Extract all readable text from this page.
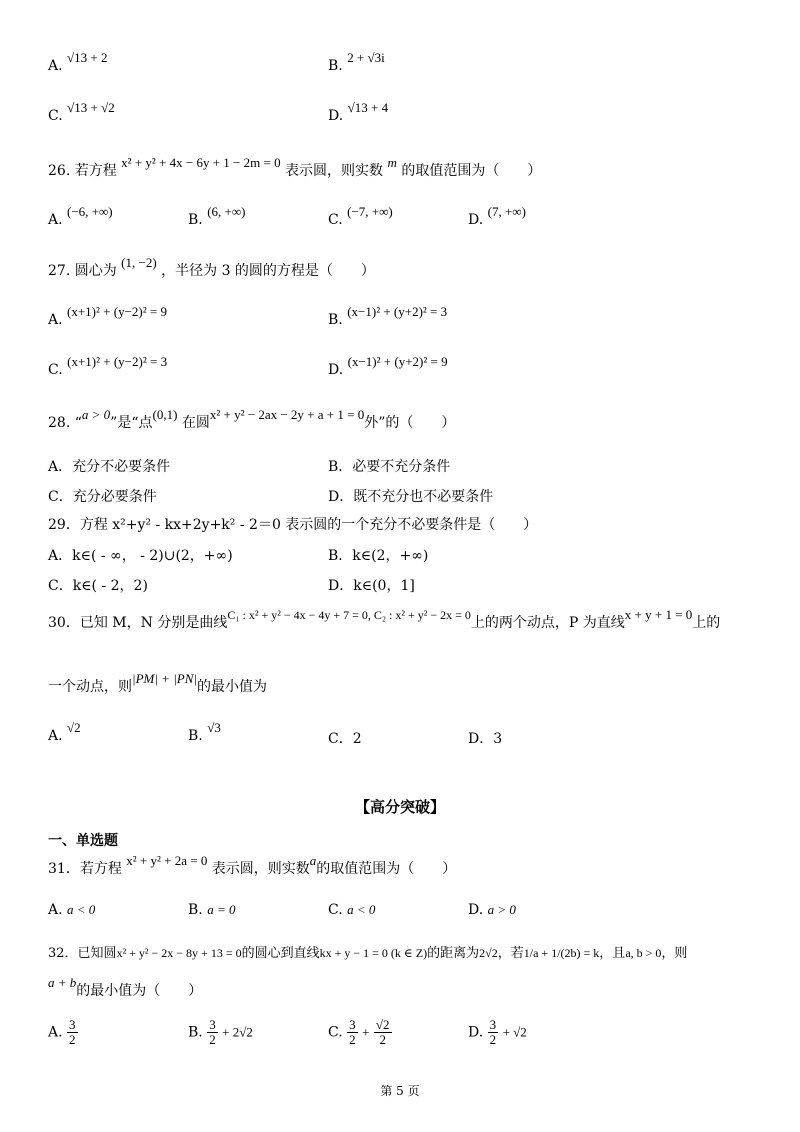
A. √13 + 2
B. 2 + √3i
C. √13 + √2
D. √13 + 4
26. 若方程 x² + y² + 4x − 6y + 1 − 2m = 0 表示圆，则实数 m 的取值范围为（　　）
A. (−6, +∞)
B. (6, +∞)
C. (−7, +∞)
D. (7, +∞)
27. 圆心为 (1, −2) ，半径为 3 的圆的方程是（　　）
A. (x+1)² + (y−2)² = 9
B. (x−1)² + (y+2)² = 3
C. (x+1)² + (y−2)² = 3
D. (x−1)² + (y+2)² = 9
28. “a > 0”是“点(0,1) 在圆x² + y² − 2ax − 2y + a + 1 = 0外”的（　　）
A．充分不必要条件	B．必要不充分条件
C．充分必要条件	D．既不充分也不必要条件
29．方程 x²+y² - kx+2y+k² - 2＝0 表示圆的一个充分不必要条件是（　　）
A．k∈( - ∞， - 2)∪(2，+∞)	B．k∈(2，+∞)
C．k∈( - 2，2)	D．k∈(0，1]
30．已知 M，N 分别是曲线C₁ : x² + y² − 4x − 4y + 7 = 0, C₂ : x² + y² − 2x = 0上的两个动点，P 为直线x + y + 1 = 0上的
一个动点，则|PM| + |PN|的最小值为
A. √2
B. √3
C．2	D．3
【高分突破】
一、单选题
31．若方程 x² + y² + 2a = 0 表示圆，则实数a的取值范围为（　　）
A. a < 0	B. a = 0	C. a < 0	D. a > 0
32．已知圆x² + y² − 2x − 8y + 13 = 0的圆心到直线kx + y − 1 = 0 (k ∈ Z)的距离为2√2，若1/a + 1/(2b) = k，且a, b > 0，则
a + b的最小值为（　　）
A. $\frac{3}{2}$	B. $\frac{3}{2} + 2√2$	C. $\frac{3}{2} + \frac{√2}{2}$	D. $\frac{3}{2} + √2$
第 5 页
